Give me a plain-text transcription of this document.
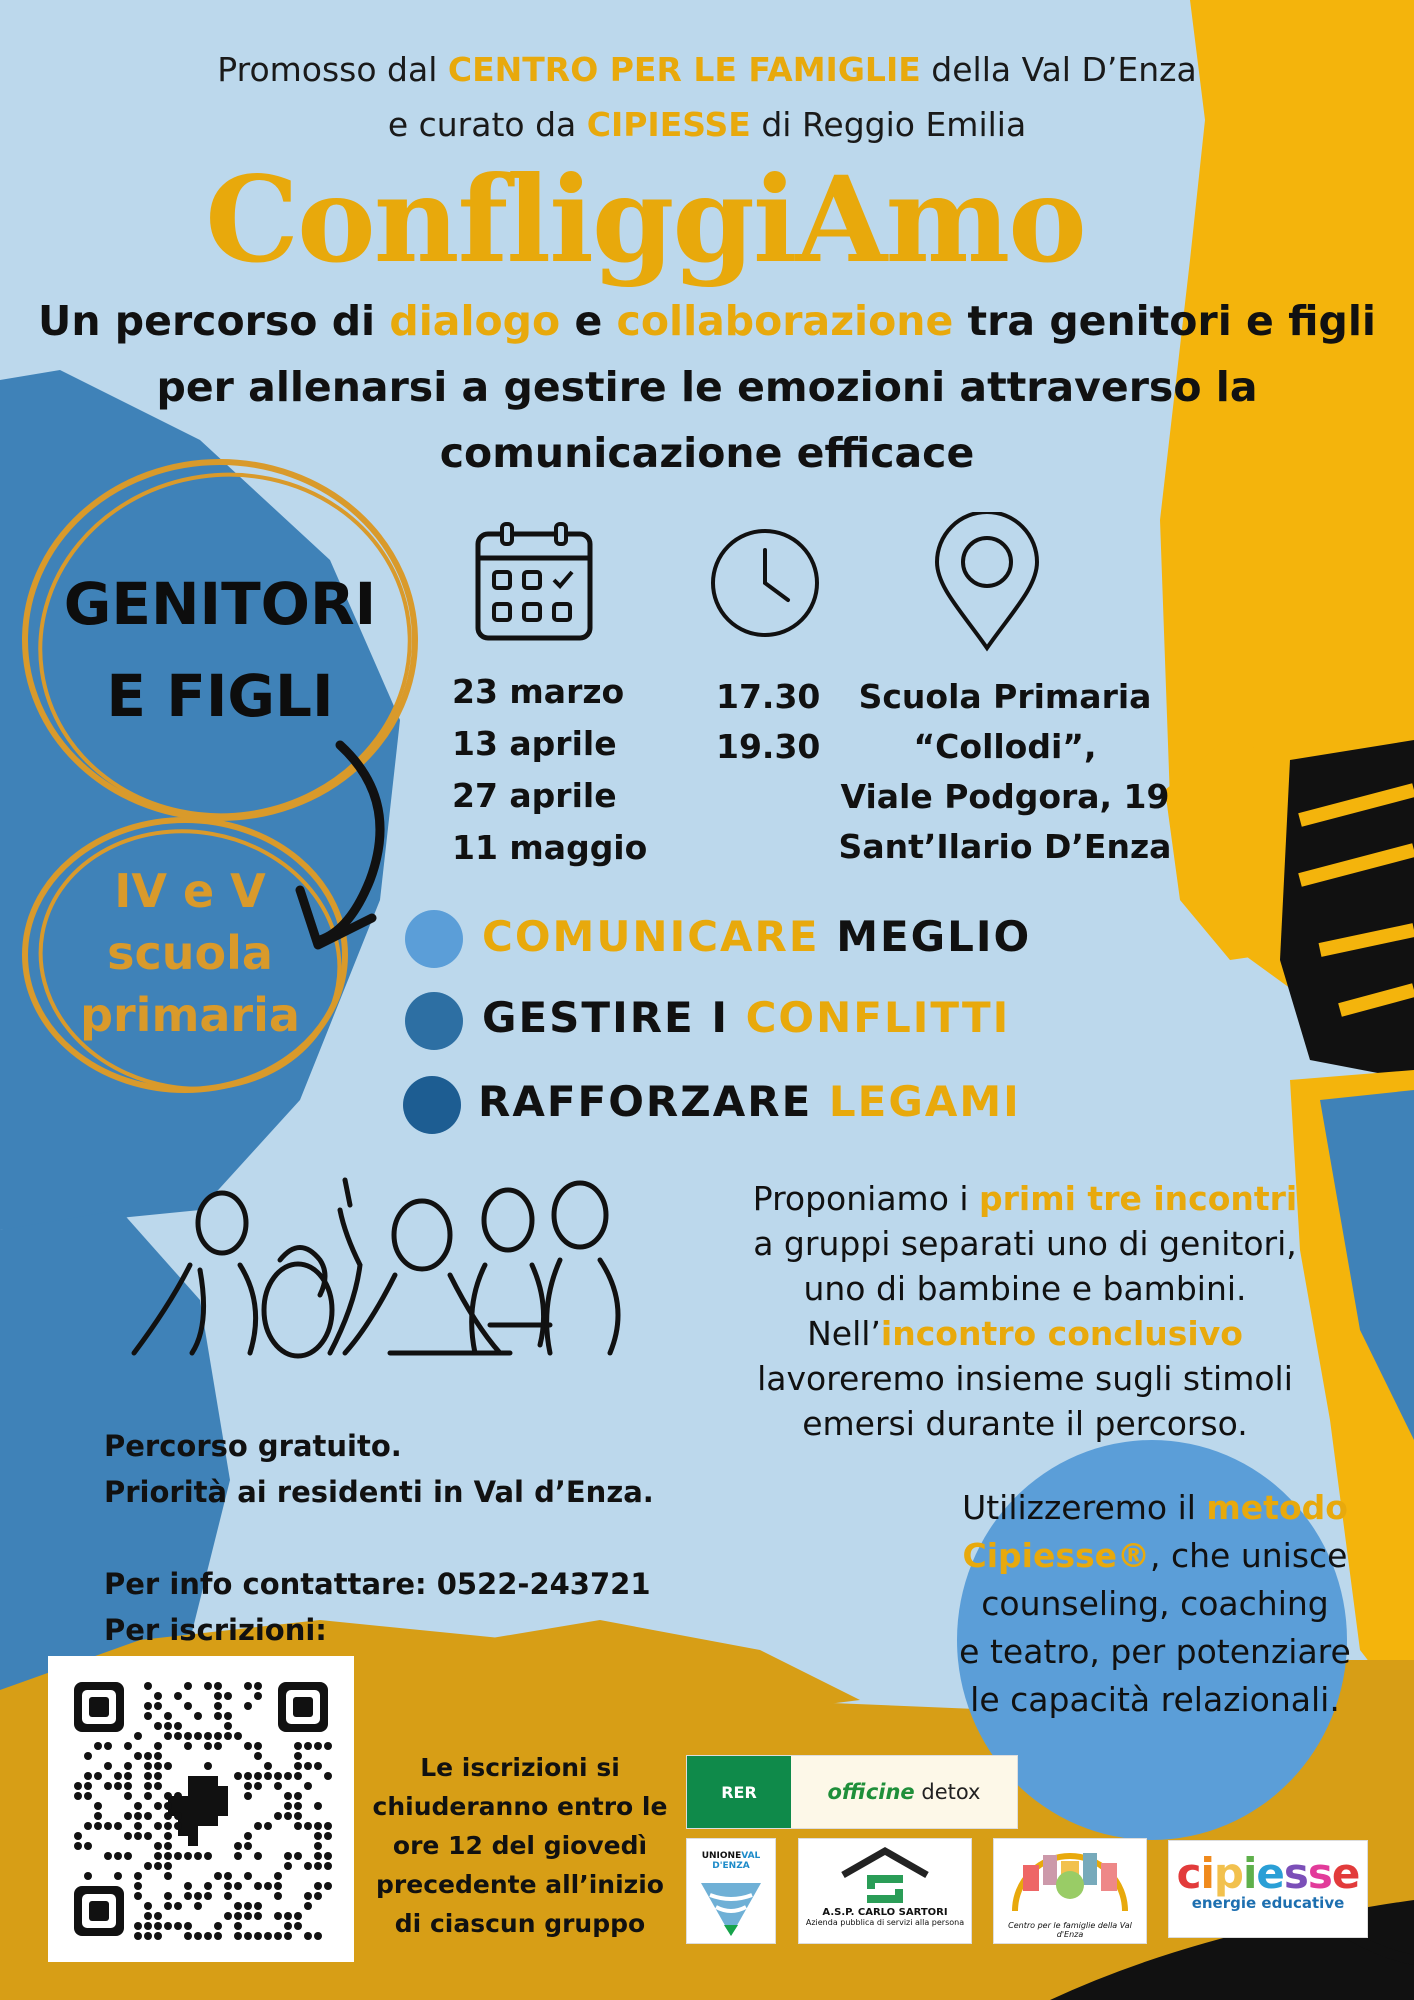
Promosso dal CENTRO PER LE FAMIGLIE della Val D’Enza
e curato da CIPIESSE di Reggio Emilia
ConfliggiAmo
Un percorso di dialogo e collaborazione tra genitori e figli
per allenarsi a gestire le emozioni attraverso la
comunicazione efficace
GENITORI
E FIGLI
IV e V
scuola
primaria
23 marzo
13 aprile
27 aprile
11 maggio
17.30
19.30
Scuola Primaria
“Collodi”,
Viale Podgora, 19
Sant’Ilario D’Enza
COMUNICARE MEGLIO
GESTIRE I CONFLITTI
RAFFORZARE LEGAMI
Proponiamo i primi tre incontri
a gruppi separati uno di genitori,
uno di bambine e bambini.
Nell’incontro conclusivo
lavoreremo insieme sugli stimoli
emersi durante il percorso.
Utilizzeremo il metodo
Cipiesse®, che unisce
counseling, coaching
e teatro, per potenziare
le capacità relazionali.
Percorso gratuito.
Priorità ai residenti in Val d’Enza.
Per info contattare: 0522-243721
Per iscrizioni:
Le iscrizioni si
chiuderanno entro le
ore 12 del giovedì
precedente all’inizio
di ciascun gruppo
RER	officine
detox
UNIONEVAL D'ENZA
A.S.P. CARLO SARTORI
Azienda pubblica di servizi alla persona	Centro per le famiglie della Val d'Enza
cipiesse
energie educative
